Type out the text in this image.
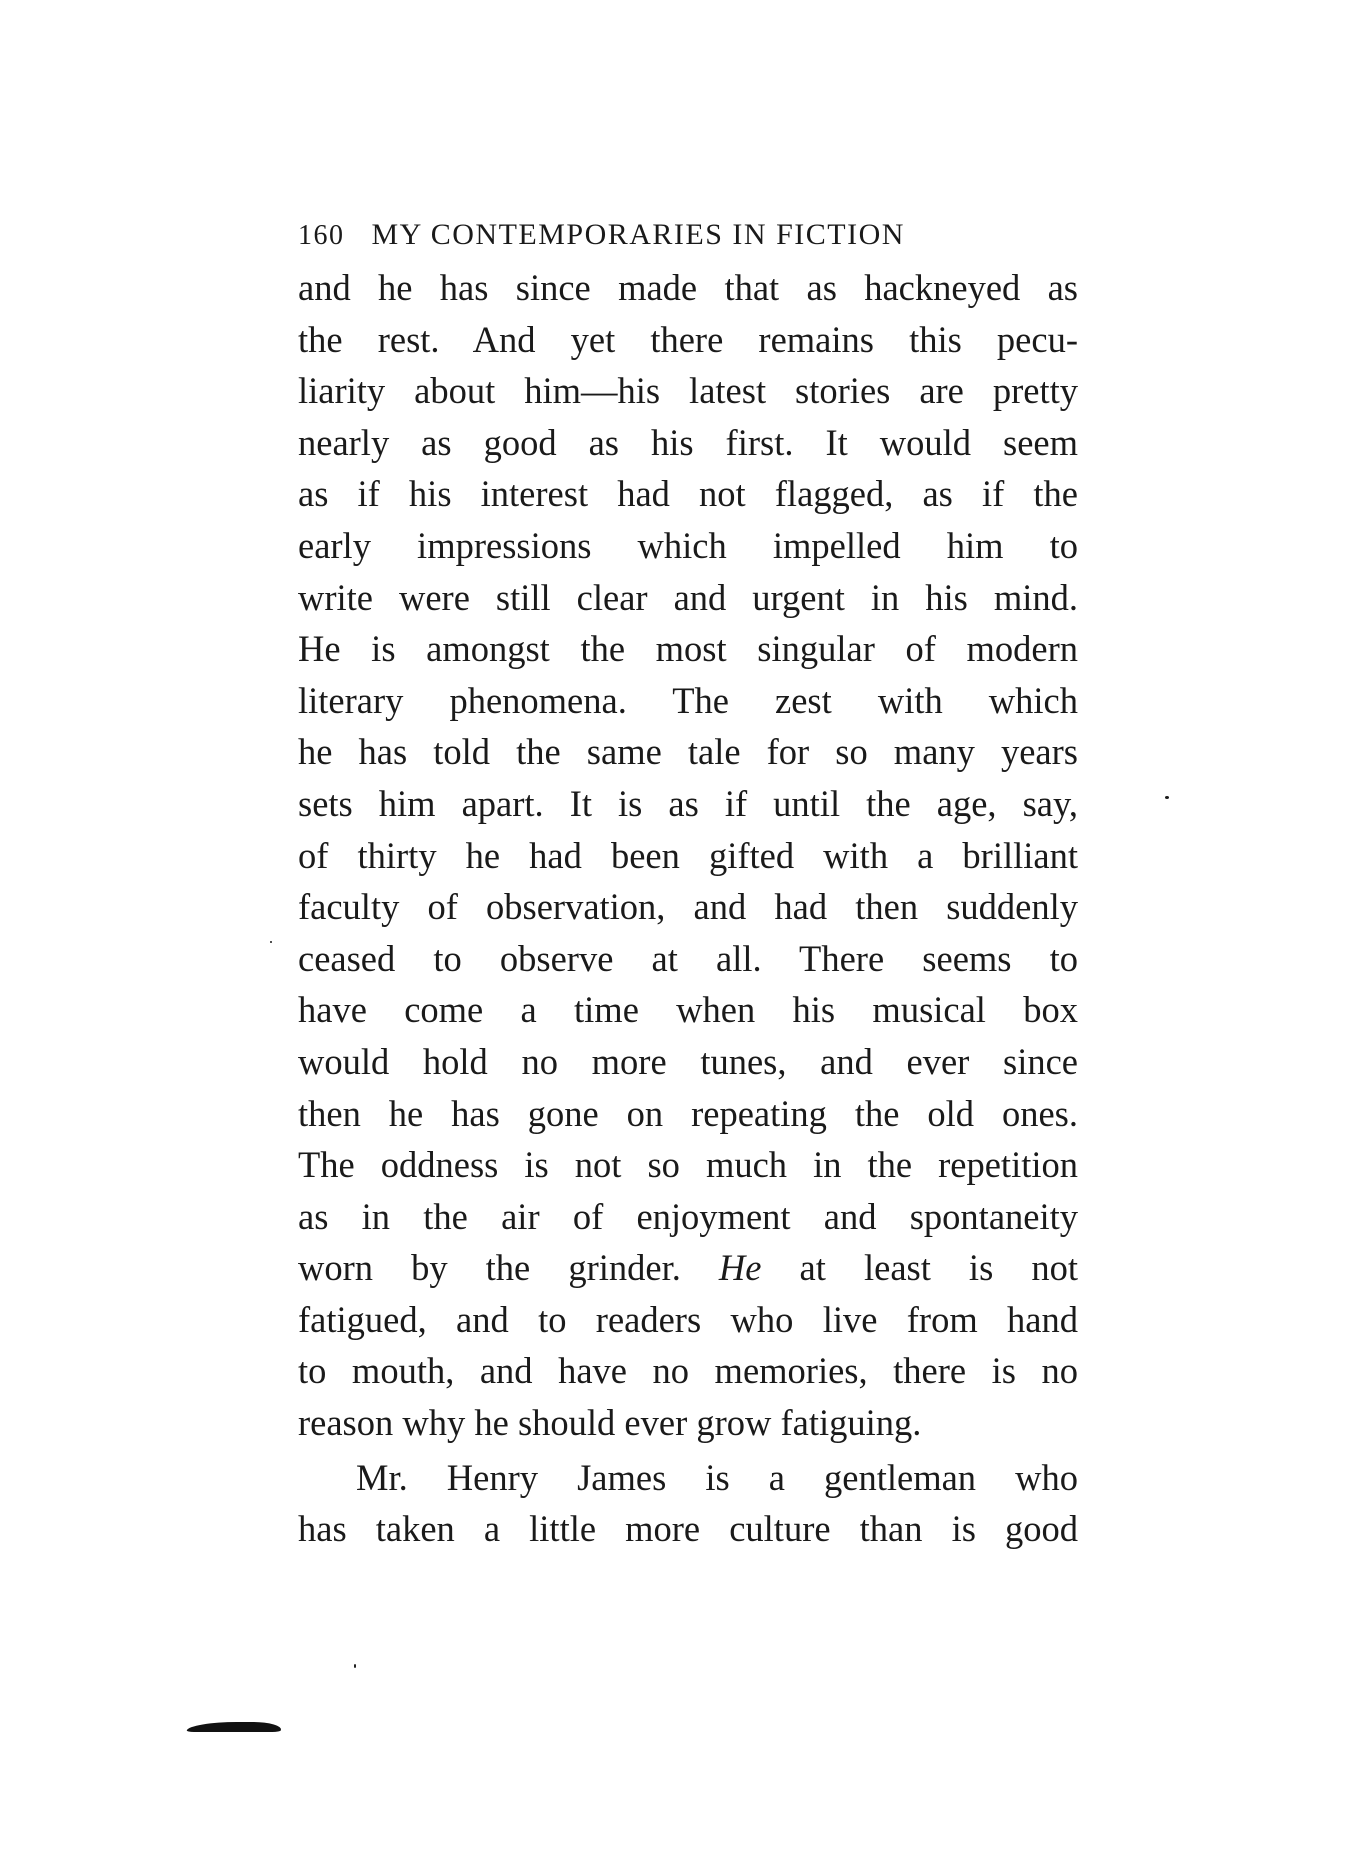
160 MY CONTEMPORARIES IN FICTION
and he has since made that as hackneyed as
the rest. And yet there remains this pecu-
liarity about him—his latest stories are pretty
nearly as good as his first. It would seem
as if his interest had not flagged, as if the
early impressions which impelled him to
write were still clear and urgent in his mind.
He is amongst the most singular of modern
literary phenomena. The zest with which
he has told the same tale for so many years
sets him apart. It is as if until the age, say,
of thirty he had been gifted with a brilliant
faculty of observation, and had then suddenly
ceased to observe at all. There seems to
have come a time when his musical box
would hold no more tunes, and ever since
then he has gone on repeating the old ones.
The oddness is not so much in the repetition
as in the air of enjoyment and spontaneity
worn by the grinder. He at least is not
fatigued, and to readers who live from hand
to mouth, and have no memories, there is no
reason why he should ever grow fatiguing.
Mr. Henry James is a gentleman who
has taken a little more culture than is good
